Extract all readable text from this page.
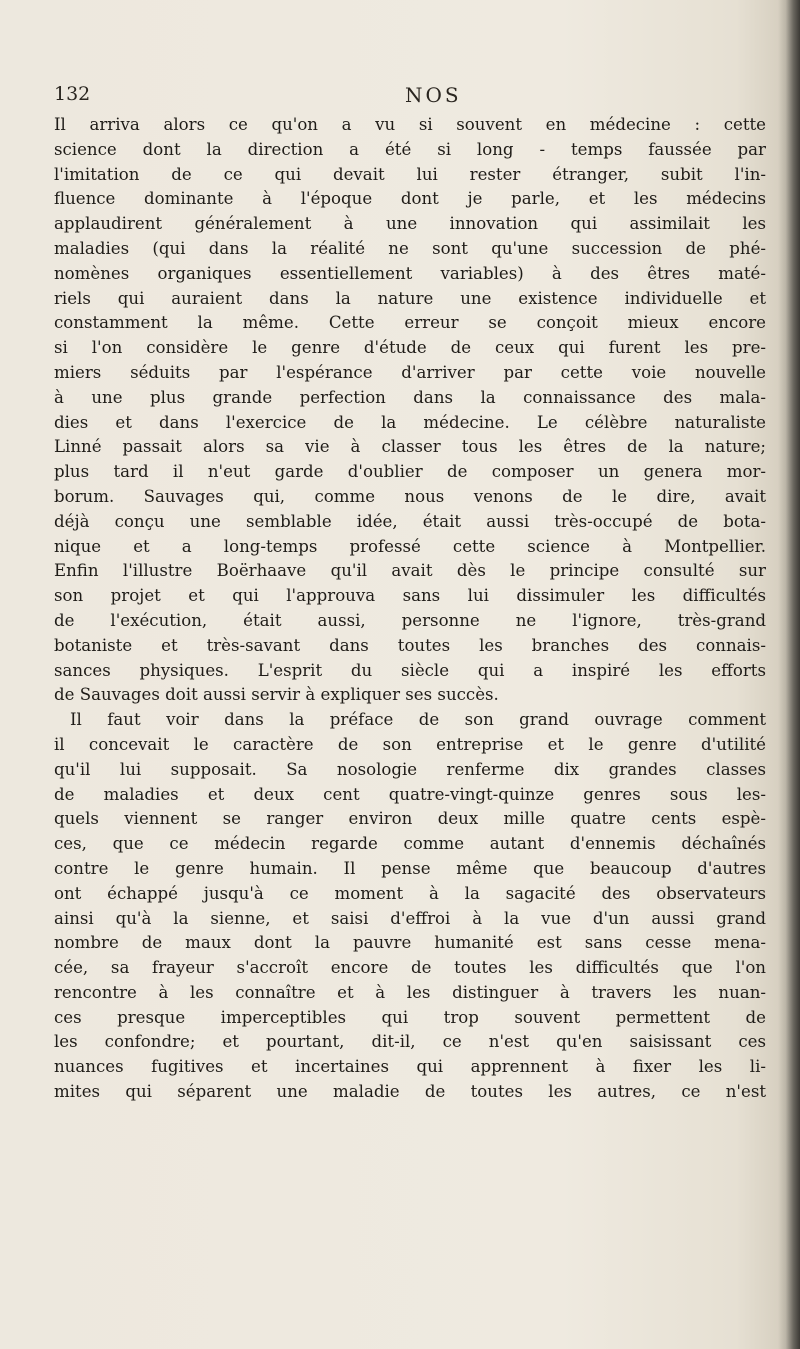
132	NOS
Il arriva alors ce qu'on a vu si souvent en médecine : cette
science dont la direction a été si long - temps faussée par
l'imitation de ce qui devait lui rester étranger, subit l'in-
fluence dominante à l'époque dont je parle, et les médecins
applaudirent généralement à une innovation qui assimilait les
maladies (qui dans la réalité ne sont qu'une succession de phé-
nomènes organiques essentiellement variables) à des êtres maté-
riels qui auraient dans la nature une existence individuelle et
constamment la même. Cette erreur se conçoit mieux encore
si l'on considère le genre d'étude de ceux qui furent les pre-
miers séduits par l'espérance d'arriver par cette voie nouvelle
à une plus grande perfection dans la connaissance des mala-
dies et dans l'exercice de la médecine. Le célèbre naturaliste
Linné passait alors sa vie à classer tous les êtres de la nature;
plus tard il n'eut garde d'oublier de composer un genera mor-
borum. Sauvages qui, comme nous venons de le dire, avait
déjà conçu une semblable idée, était aussi très-occupé de bota-
nique et a long-temps professé cette science à Montpellier.
Enfin l'illustre Boërhaave qu'il avait dès le principe consulté sur
son projet et qui l'approuva sans lui dissimuler les difficultés
de l'exécution, était aussi, personne ne l'ignore, très-grand
botaniste et très-savant dans toutes les branches des connais-
sances physiques. L'esprit du siècle qui a inspiré les efforts
de Sauvages doit aussi servir à expliquer ses succès.
Il faut voir dans la préface de son grand ouvrage comment
il concevait le caractère de son entreprise et le genre d'utilité
qu'il lui supposait. Sa nosologie renferme dix grandes classes
de maladies et deux cent quatre-vingt-quinze genres sous les-
quels viennent se ranger environ deux mille quatre cents espè-
ces, que ce médecin regarde comme autant d'ennemis déchaînés
contre le genre humain. Il pense même que beaucoup d'autres
ont échappé jusqu'à ce moment à la sagacité des observateurs
ainsi qu'à la sienne, et saisi d'effroi à la vue d'un aussi grand
nombre de maux dont la pauvre humanité est sans cesse mena-
cée, sa frayeur s'accroît encore de toutes les difficultés que l'on
rencontre à les connaître et à les distinguer à travers les nuan-
ces presque imperceptibles qui trop souvent permettent de
les confondre; et pourtant, dit-il, ce n'est qu'en saisissant ces
nuances fugitives et incertaines qui apprennent à fixer les li-
mites qui séparent une maladie de toutes les autres, ce n'est
